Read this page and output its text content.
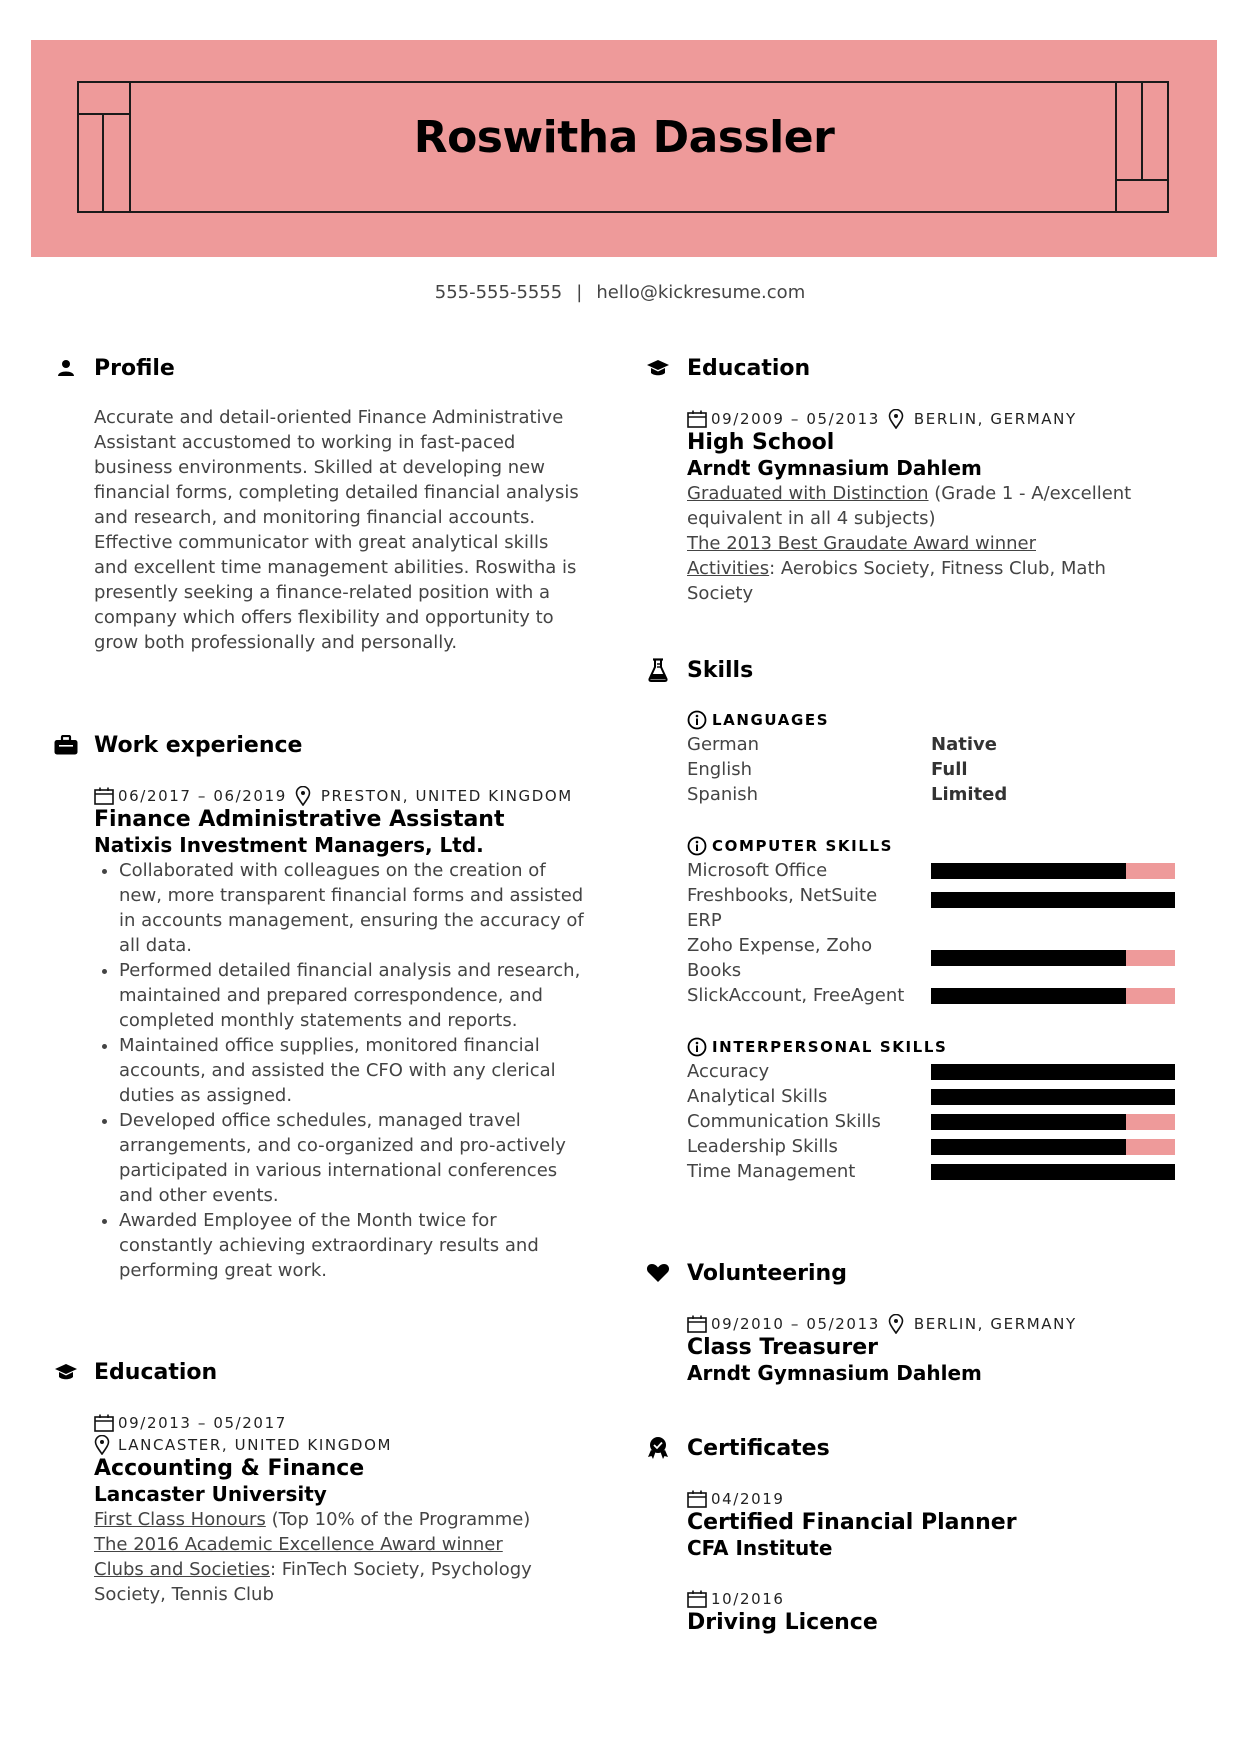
Roswitha Dassler
555-555-5555 | hello@kickresume.com
Profile
Accurate and detail-oriented Finance Administrative Assistant accustomed to working in fast-paced business environments. Skilled at developing new financial forms, completing detailed financial analysis and research, and monitoring financial accounts. Effective communicator with great analytical skills and excellent time management abilities. Roswitha is presently seeking a finance-related position with a company which offers flexibility and opportunity to grow both professionally and personally.
Work experience
06/2017 – 06/2019 PRESTON, UNITED KINGDOM
Finance Administrative Assistant
Natixis Investment Managers, Ltd.
• Collaborated with colleagues on the creation of new, more transparent financial forms and assisted in accounts management, ensuring the accuracy of all data.
• Performed detailed financial analysis and research, maintained and prepared correspondence, and completed monthly statements and reports.
• Maintained office supplies, monitored financial accounts, and assisted the CFO with any clerical duties as assigned.
• Developed office schedules, managed travel arrangements, and co-organized and pro-actively participated in various international conferences and other events.
• Awarded Employee of the Month twice for constantly achieving extraordinary results and performing great work.
Education
09/2013 – 05/2017
LANCASTER, UNITED KINGDOM
Accounting & Finance
Lancaster University
First Class Honours (Top 10% of the Programme)
The 2016 Academic Excellence Award winner
Clubs and Societies: FinTech Society, Psychology Society, Tennis Club
Education
09/2009 – 05/2013 BERLIN, GERMANY
High School
Arndt Gymnasium Dahlem
Graduated with Distinction (Grade 1 - A/excellent equivalent in all 4 subjects)
The 2013 Best Graudate Award winner
Activities: Aerobics Society, Fitness Club, Math Society
Skills
LANGUAGES
German	Native
English	Full
Spanish	Limited
COMPUTER SKILLS
Microsoft Office
Freshbooks, NetSuite ERP
Zoho Expense, Zoho Books
SlickAccount, FreeAgent
INTERPERSONAL SKILLS
Accuracy
Analytical Skills
Communication Skills
Leadership Skills
Time Management
Volunteering
09/2010 – 05/2013 BERLIN, GERMANY
Class Treasurer
Arndt Gymnasium Dahlem
Certificates
04/2019
Certified Financial Planner
CFA Institute
10/2016
Driving Licence
